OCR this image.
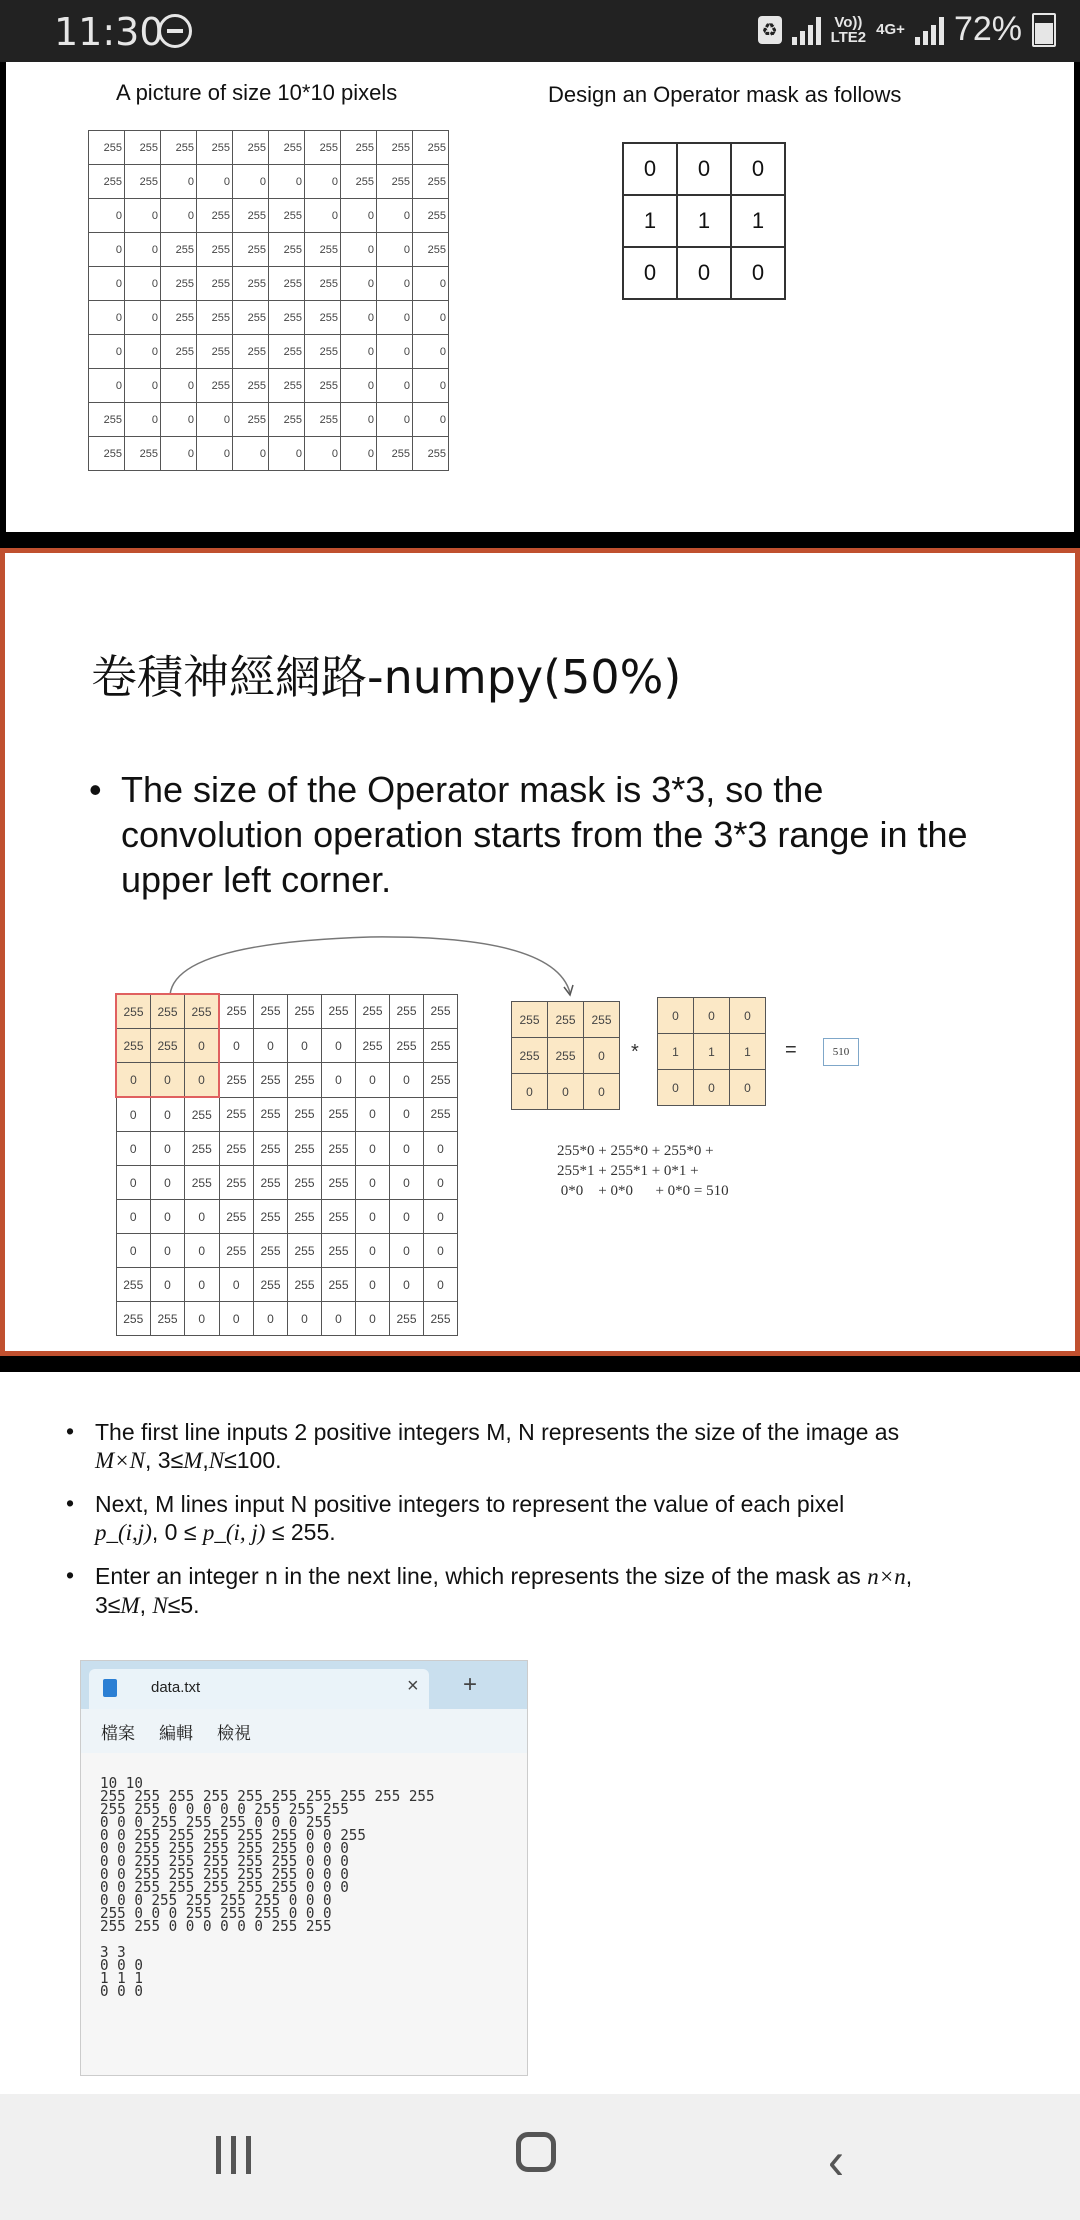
11:30	♻	Vo))
LTE2 4G+ 72%
A picture of size 10*10 pixels	Design an Operator mask as follows
255	255	255	255	255	255	255	255	255	255
255	255	0	0	0	0	0	255	255	255
0	0	0	255	255	255	0	0	0	255
0	0	255	255	255	255	255	0	0	255
0	0	255	255	255	255	255	0	0	0
0	0	255	255	255	255	255	0	0	0
0	0	255	255	255	255	255	0	0	0
0	0	0	255	255	255	255	0	0	0
255	0	0	0	255	255	255	0	0	0
255	255	0	0	0	0	0	0	255	255
0	0	0
1	1	1
0	0	0
卷積神經網路-numpy(50%)
• The size of the Operator mask is 3*3, so the convolution operation starts from the 3*3 range in the upper left corner.
255	255	255	255	255	255	255	255	255	255
255	255	0	0	0	0	0	255	255	255
0	0	0	255	255	255	0	0	0	255
0	0	255	255	255	255	255	0	0	255
0	0	255	255	255	255	255	0	0	0
0	0	255	255	255	255	255	0	0	0
0	0	0	255	255	255	255	0	0	0
0	0	0	255	255	255	255	0	0	0
255	0	0	0	255	255	255	0	0	0
255	255	0	0	0	0	0	0	255	255
255	255	255
255	255	0
0	0	0
*
0	0	0
1	1	1
0	0	0
=	510
255*0 + 255*0 + 255*0 +
255*1 + 255*1 + 0*1 +
0*0    + 0*0      + 0*0 = 510
• The first line inputs 2 positive integers M, N represents the size of the image as
M×N, 3≤M,N≤100.
• Next, M lines input N positive integers to represent the value of each pixel
p_(i,j), 0 ≤ p_(i, j) ≤ 255.
• Enter an integer n in the next line, which represents the size of the mask as n×n,
3≤M, N≤5.
data.txt	× +
檔案 編輯 檢視
10 10
255 255 255 255 255 255 255 255 255 255
255 255 0 0 0 0 0 255 255 255
0 0 0 255 255 255 0 0 0 255
0 0 255 255 255 255 255 0 0 255
0 0 255 255 255 255 255 0 0 0
0 0 255 255 255 255 255 0 0 0
0 0 255 255 255 255 255 0 0 0
0 0 255 255 255 255 255 0 0 0
0 0 0 255 255 255 255 0 0 0
255 0 0 0 255 255 255 0 0 0
255 255 0 0 0 0 0 0 255 255

3 3
0 0 0
1 1 1
0 0 0
‹
